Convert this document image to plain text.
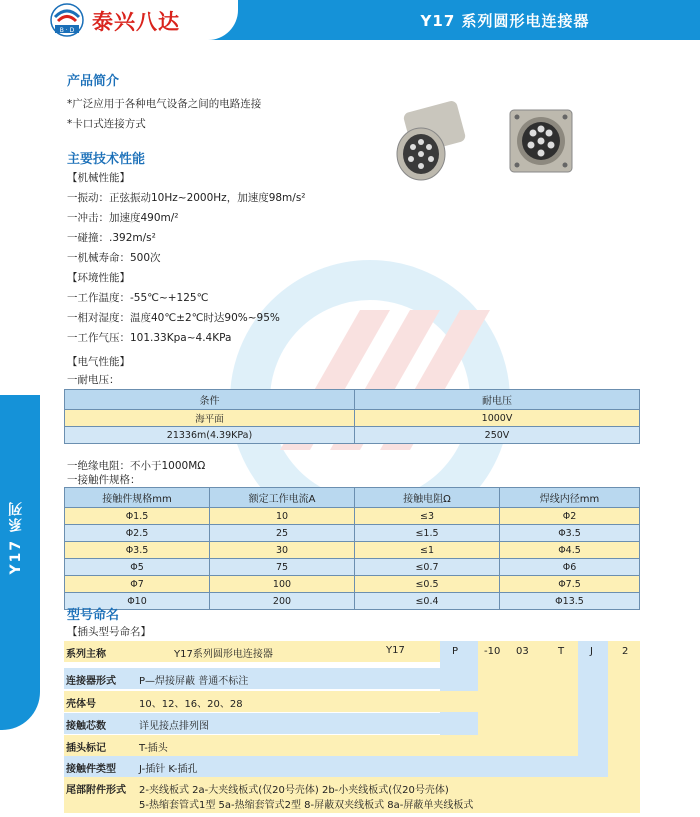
B · D 泰兴八达	Y17 系列圆形电连接器
Y17 系列
产品简介
*广泛应用于各种电气设备之间的电路连接
*卡口式连接方式
主要技术性能
【机械性能】
一振动：正弦振动10Hz~2000Hz，加速度98m/s²
一冲击：加速度490m/²
一碰撞：.392m/s²
一机械寿命：500次
【环境性能】
一工作温度：-55℃~+125℃
一相对湿度：温度40℃±2℃时达90%~95%
一工作气压：101.33Kpa~4.4KPa
【电气性能】
一耐电压：
条件	耐电压
海平面	1000V
21336m(4.39KPa)	250V
一绝缘电阻：不小于1000MΩ
一接触件规格：
接触件规格mm	额定工作电流A	接触电阻Ω	焊线内径mm
Φ1.5	10	≤3	Φ2
Φ2.5	25	≤1.5	Φ3.5
Φ3.5	30	≤1	Φ4.5
Φ5	75	≤0.7	Φ6
Φ7	100	≤0.5	Φ7.5
Φ10	200	≤0.4	Φ13.5
型号命名
【插头型号命名】
系列主称	Y17系列圆形电连接器	Y17	P	-10 03	T	J	2
连接器形式 P—焊接屏蔽 普通不标注
壳体号	10、12、16、20、28
接触芯数	详见接点排列图
插头标记	T-插头
接触件类型 J-插针 K-插孔
尾部附件形式 2-夹线板式 2a-大夹线板式(仅20号壳体) 2b-小夹线板式(仅20号壳体)
5-热缩套管式1型 5a-热缩套管式2型 8-屏蔽双夹线板式 8a-屏蔽单夹线板式
